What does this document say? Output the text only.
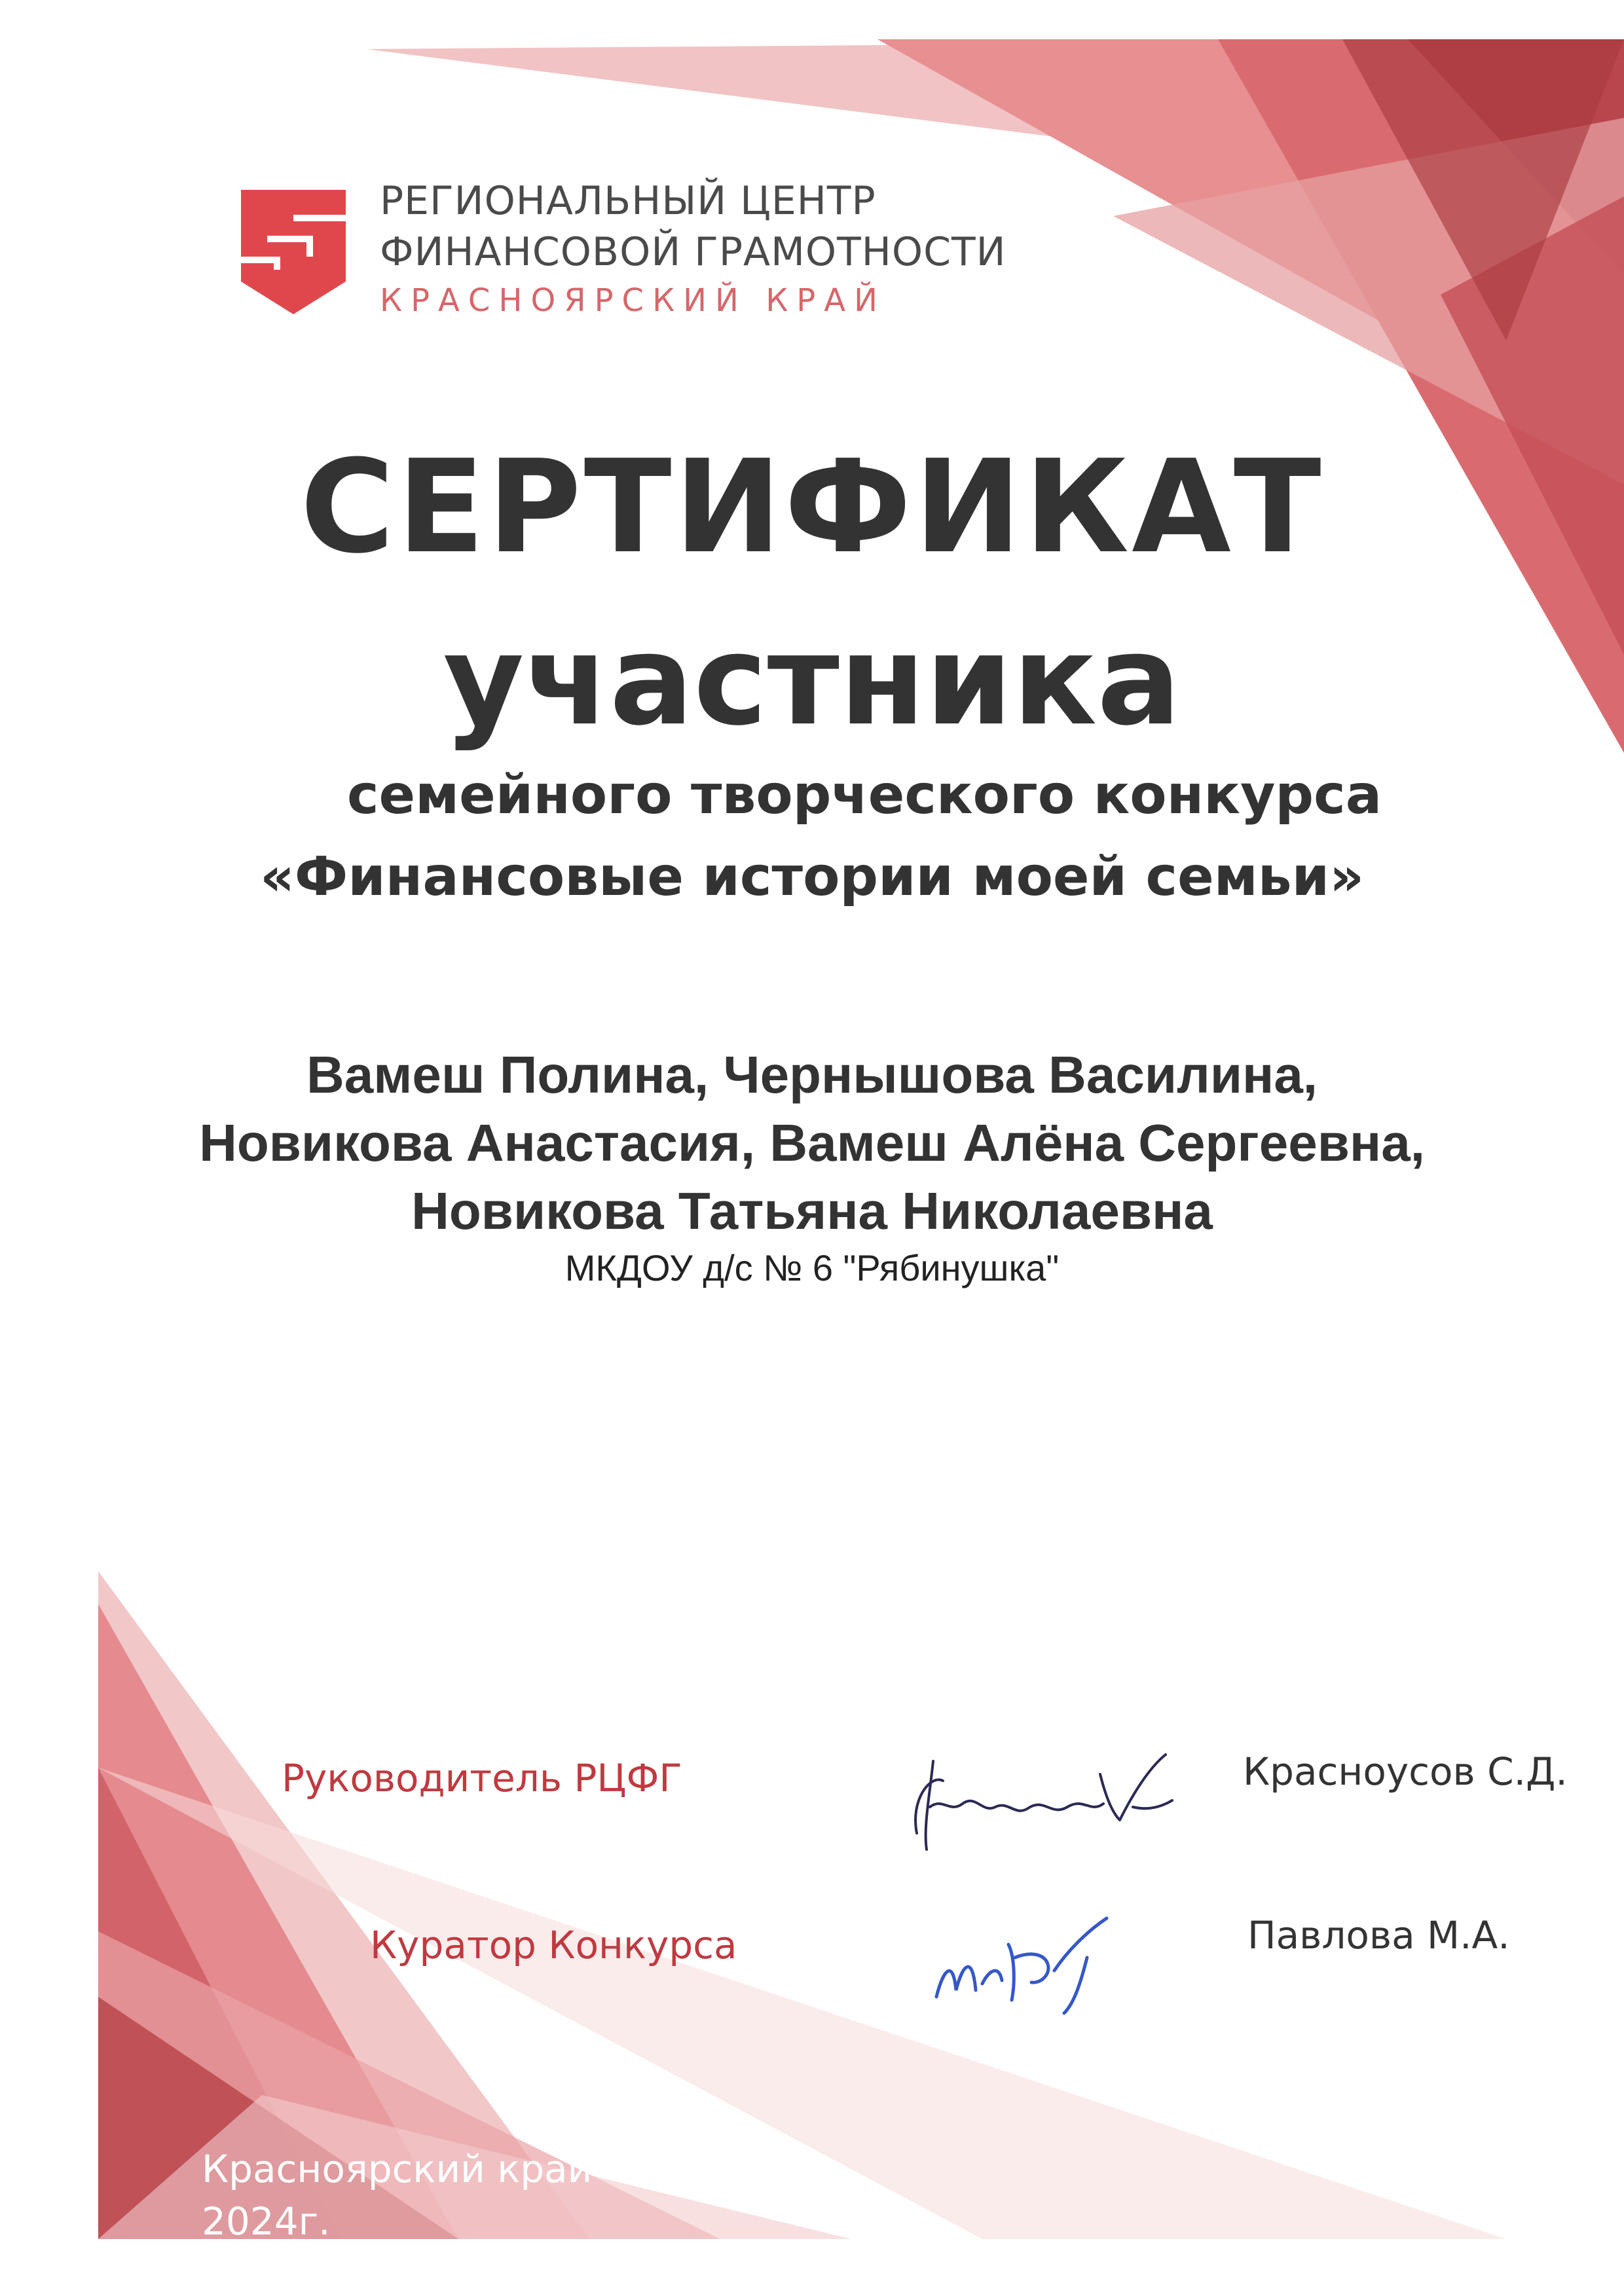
РЕГИОНАЛЬНЫЙ ЦЕНТР
ФИНАНСОВОЙ ГРАМОТНОСТИ
КРАСНОЯРСКИЙ КРАЙ
СЕРТИФИКАТ
участника
семейного творческого конкурса
«Финансовые истории моей семьи»
Вамеш Полина, Чернышова Василина,
Новикова Анастасия, Вамеш Алёна Сергеевна,
Новикова Татьяна Николаевна
МКДОУ д/с № 6 "Рябинушка"
Руководитель РЦФГ	Красноусов С.Д.
Куратор Конкурса	Павлова М.А.
Красноярский край
2024г.
